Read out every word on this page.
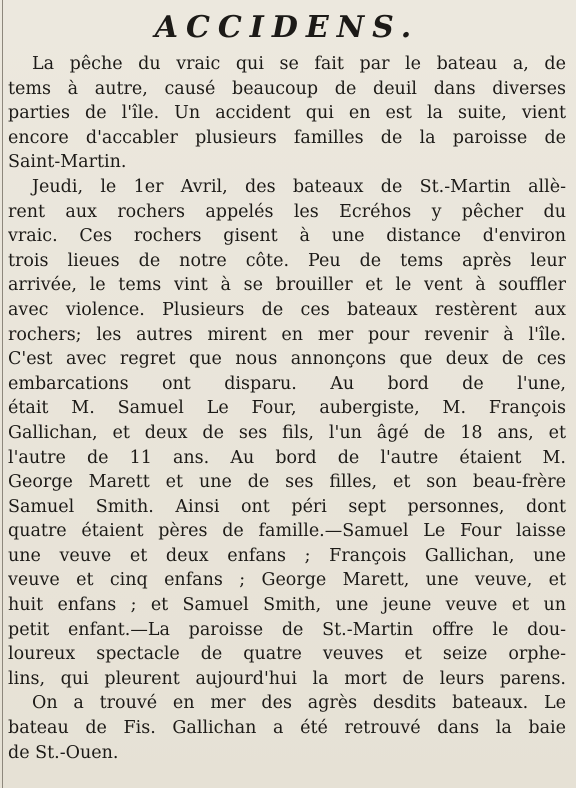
ACCIDENS.
La pêche du vraic qui se fait par le bateau a, de
tems à autre, causé beaucoup de deuil dans diverses
parties de l'île. Un accident qui en est la suite, vient
encore d'accabler plusieurs familles de la paroisse de
Saint-Martin.
Jeudi, le 1er Avril, des bateaux de St.-Martin allè-
rent aux rochers appelés les Ecréhos y pêcher du
vraic. Ces rochers gisent à une distance d'environ
trois lieues de notre côte. Peu de tems après leur
arrivée, le tems vint à se brouiller et le vent à souffler
avec violence. Plusieurs de ces bateaux restèrent aux
rochers; les autres mirent en mer pour revenir à l'île.
C'est avec regret que nous annonçons que deux de ces
embarcations ont disparu. Au bord de l'une,
était M. Samuel Le Four, aubergiste, M. François
Gallichan, et deux de ses fils, l'un âgé de 18 ans, et
l'autre de 11 ans. Au bord de l'autre étaient M.
George Marett et une de ses filles, et son beau-frère
Samuel Smith. Ainsi ont péri sept personnes, dont
quatre étaient pères de famille.—Samuel Le Four laisse
une veuve et deux enfans ; François Gallichan, une
veuve et cinq enfans ; George Marett, une veuve, et
huit enfans ; et Samuel Smith, une jeune veuve et un
petit enfant.—La paroisse de St.-Martin offre le dou-
loureux spectacle de quatre veuves et seize orphe-
lins, qui pleurent aujourd'hui la mort de leurs parens.
On a trouvé en mer des agrès desdits bateaux. Le
bateau de Fis. Gallichan a été retrouvé dans la baie
de St.-Ouen.
